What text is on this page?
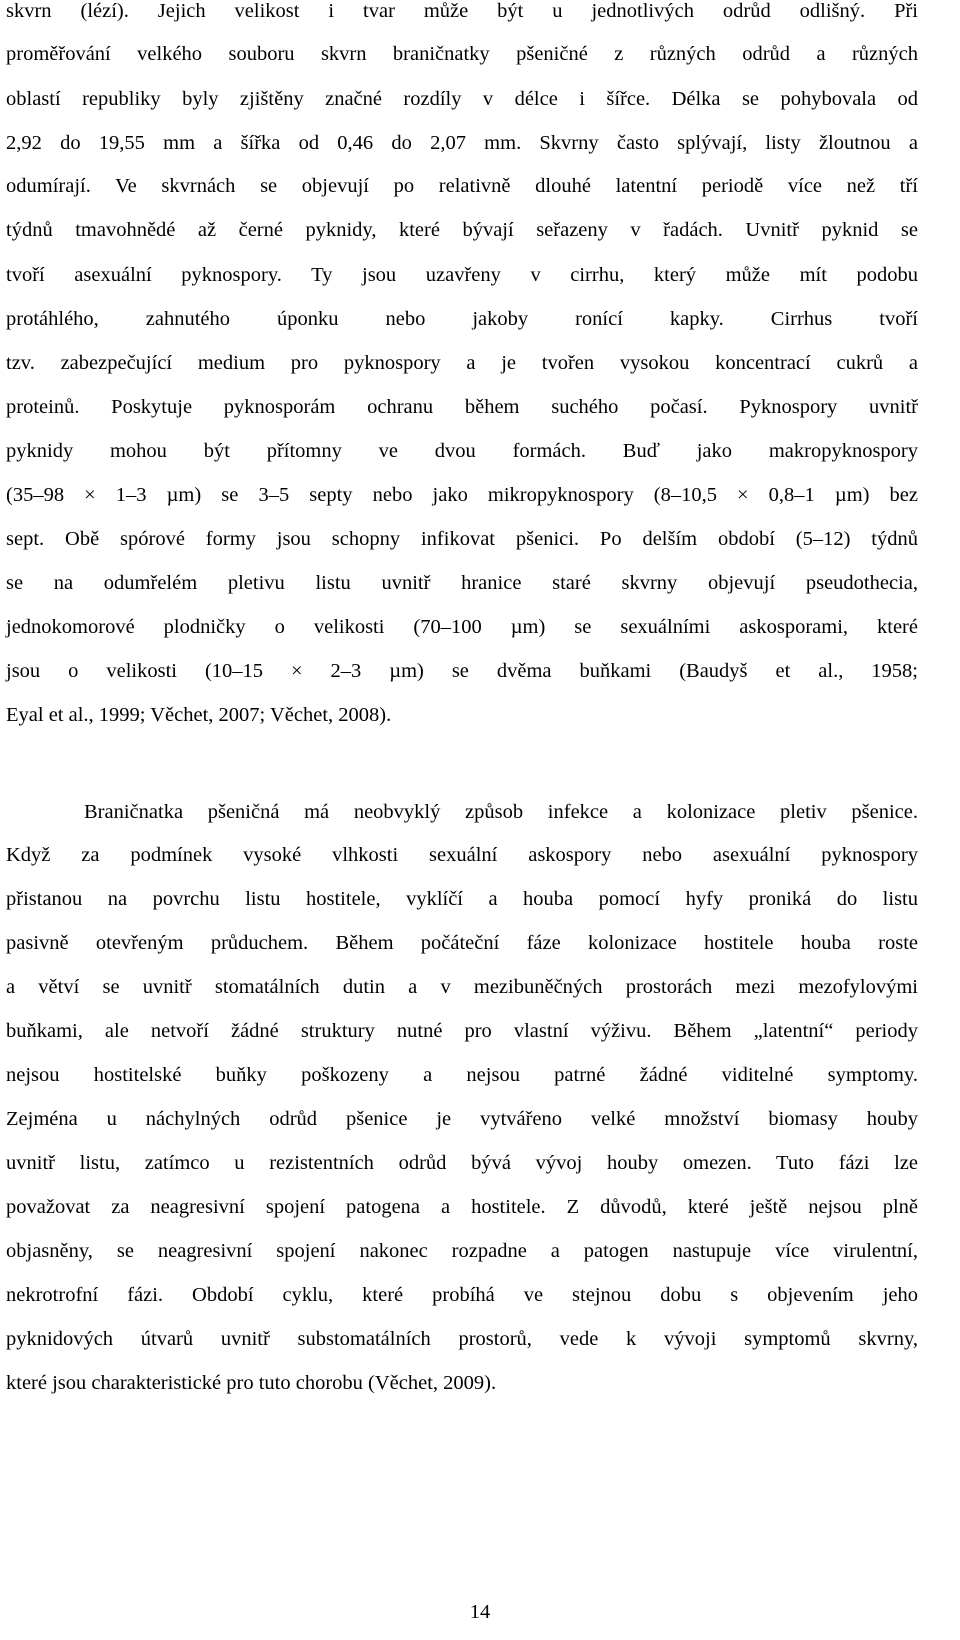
skvrn (lézí). Jejich velikost i tvar může být u jednotlivých odrůd odlišný. Při
proměřování velkého souboru skvrn braničnatky pšeničné z různých odrůd a různých
oblastí republiky byly zjištěny značné rozdíly v délce i šířce. Délka se pohybovala od
2,92 do 19,55 mm a šířka od 0,46 do 2,07 mm. Skvrny často splývají, listy žloutnou a
odumírají. Ve skvrnách se objevují po relativně dlouhé latentní periodě více než tří
týdnů tmavohnědé až černé pyknidy, které bývají seřazeny v řadách. Uvnitř pyknid se
tvoří asexuální pyknospory. Ty jsou uzavřeny v cirrhu, který může mít podobu
protáhlého, zahnutého úponku nebo jakoby ronící kapky. Cirrhus tvoří
tzv. zabezpečující medium pro pyknospory a je tvořen vysokou koncentrací cukrů a
proteinů. Poskytuje pyknosporám ochranu během suchého počasí. Pyknospory uvnitř
pyknidy mohou být přítomny ve dvou formách. Buď jako makropyknospory
(35–98 × 1–3 µm) se 3–5 septy nebo jako mikropyknospory (8–10,5 × 0,8–1 µm) bez
sept. Obě spórové formy jsou schopny infikovat pšenici. Po delším období (5–12) týdnů
se na odumřelém pletivu listu uvnitř hranice staré skvrny objevují pseudothecia,
jednokomorové plodničky o velikosti (70–100 µm) se sexuálními askosporami, které
jsou o velikosti (10–15 × 2–3 µm) se dvěma buňkami (Baudyš et al., 1958;
Eyal et al., 1999; Věchet, 2007; Věchet, 2008).
Braničnatka pšeničná má neobvyklý způsob infekce a kolonizace pletiv pšenice.
Když za podmínek vysoké vlhkosti sexuální askospory nebo asexuální pyknospory
přistanou na povrchu listu hostitele, vyklíčí a houba pomocí hyfy proniká do listu
pasivně otevřeným průduchem. Během počáteční fáze kolonizace hostitele houba roste
a větví se uvnitř stomatálních dutin a v mezibuněčných prostorách mezi mezofylovými
buňkami, ale netvoří žádné struktury nutné pro vlastní výživu. Během „latentní“ periody
nejsou hostitelské buňky poškozeny a nejsou patrné žádné viditelné symptomy.
Zejména u náchylných odrůd pšenice je vytvářeno velké množství biomasy houby
uvnitř listu, zatímco u rezistentních odrůd bývá vývoj houby omezen. Tuto fázi lze
považovat za neagresivní spojení patogena a hostitele. Z důvodů, které ještě nejsou plně
objasněny, se neagresivní spojení nakonec rozpadne a patogen nastupuje více virulentní,
nekrotrofní fázi. Období cyklu, které probíhá ve stejnou dobu s objevením jeho
pyknidových útvarů uvnitř substomatálních prostorů, vede k vývoji symptomů skvrny,
které jsou charakteristické pro tuto chorobu (Věchet, 2009).
14
